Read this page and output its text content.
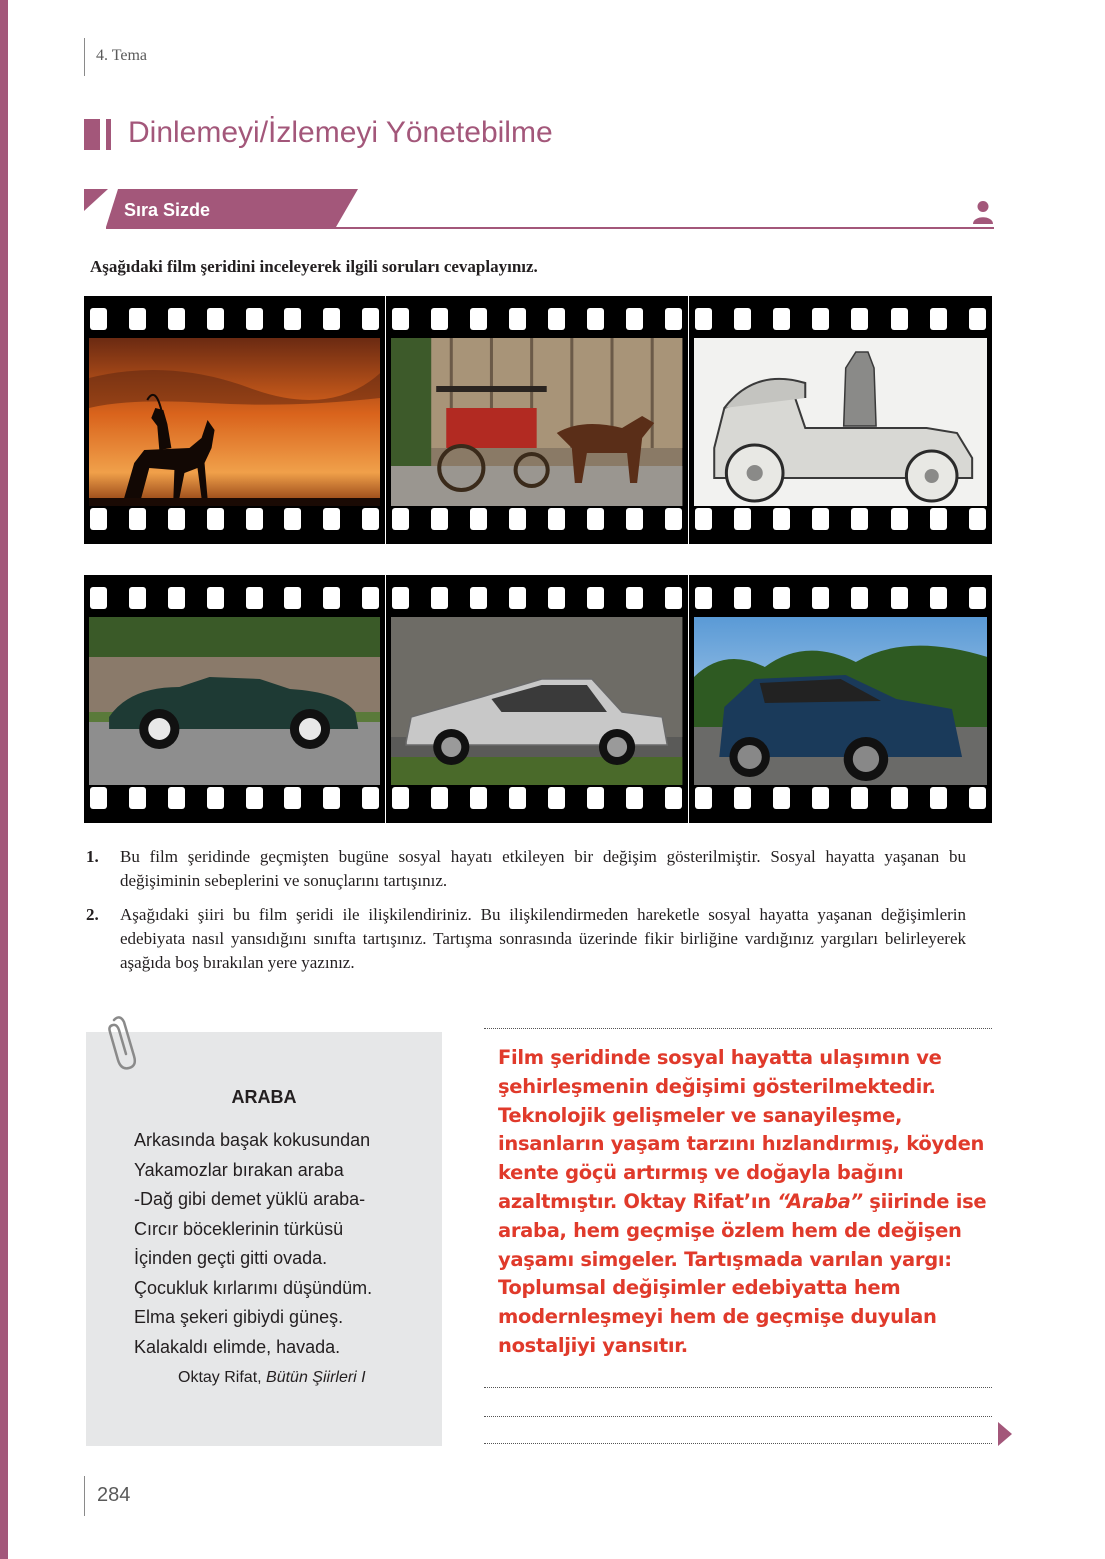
4. Tema
Dinlemeyi/İzlemeyi Yönetebilme
Sıra Sizde
Aşağıdaki film şeridini inceleyerek ilgili soruları cevaplayınız.
1. Bu film şeridinde geçmişten bugüne sosyal hayatı etkileyen bir değişim gösterilmiştir. Sosyal hayatta yaşanan bu değişiminin sebeplerini ve sonuçlarını tartışınız.
2. Aşağıdaki şiiri bu film şeridi ile ilişkilendiriniz. Bu ilişkilendirmeden hareketle sosyal hayatta yaşanan değişimlerin edebiyata nasıl yansıdığını sınıfta tartışınız. Tartışma sonrasında üzerinde fikir birliğine vardığınız yargıları belirleyerek aşağıda boş bırakılan yere yazınız.
ARABA
Arkasında başak kokusundan
Yakamozlar bırakan araba
-Dağ gibi demet yüklü araba-
Cırcır böceklerinin türküsü
İçinden geçti gitti ovada.
Çocukluk kırlarımı düşündüm.
Elma şekeri gibiydi güneş.
Kalakaldı elimde, havada.
Oktay Rifat, Bütün Şiirleri I
Film şeridinde sosyal hayatta ulaşımın ve şehirleşmenin değişimi gösterilmektedir. Teknolojik gelişmeler ve sanayileşme, insanların yaşam tarzını hızlandırmış, köyden kente göçü artırmış ve doğayla bağını azaltmıştır. Oktay Rifat’ın “Araba” şiirinde ise araba, hem geçmişe özlem hem de değişen yaşamı simgeler. Tartışmada varılan yargı: Toplumsal değişimler edebiyatta hem modernleşmeyi hem de geçmişe duyulan nostaljiyi yansıtır.
284
